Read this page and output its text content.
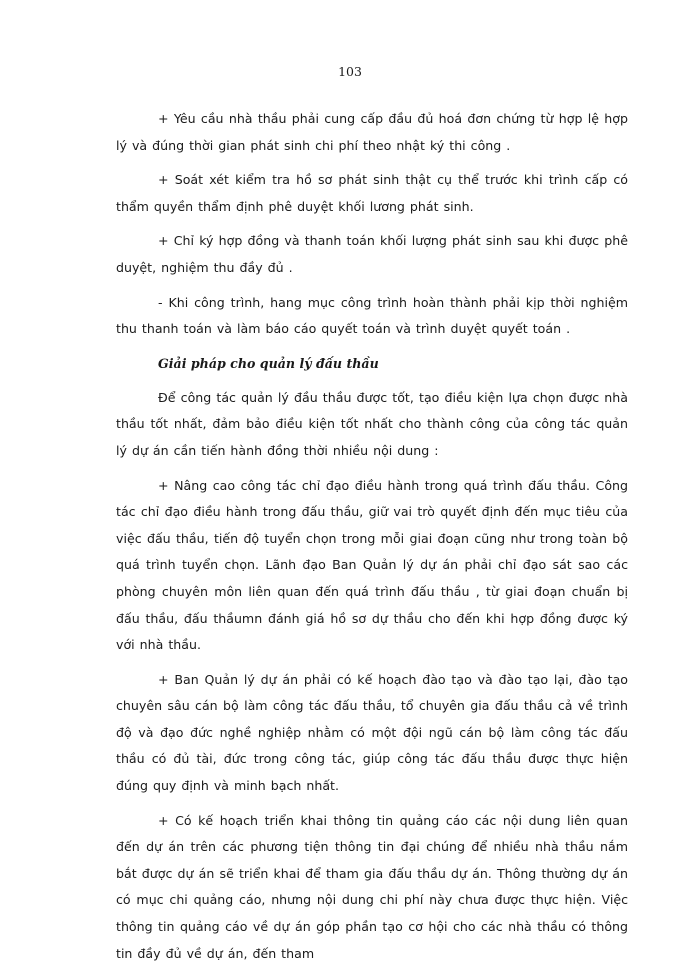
103

+ Yêu cầu nhà thầu phải cung cấp đầu đủ hoá đơn chứng từ hợp lệ hợp lý và đúng thời gian phát sinh chi phí theo nhật ký thi công .

+ Soát xét kiểm tra hồ sơ phát sinh thật cụ thể trước khi trình cấp có thẩm quyền thẩm định phê duyệt khối lương phát sinh.

+ Chỉ ký hợp đồng và thanh toán khối lượng phát sinh sau khi được phê duyệt, nghiệm thu đầy đủ .

- Khi công trình, hang mục công trình hoàn thành phải kịp thời nghiệm thu thanh toán và làm báo cáo quyết toán và trình duyệt quyết toán .

Giải pháp cho quản lý đấu thầu

Để công tác quản lý đầu thầu được tốt, tạo điều kiện lựa chọn được nhà thầu tốt nhất, đảm bảo điều kiện tốt nhất cho thành công của công tác quản lý dự án cần tiến hành đồng thời nhiều nội dung :

+ Nâng cao công tác chỉ đạo điều hành trong quá trình đấu thầu. Công tác chỉ đạo điều hành trong đấu thầu, giữ vai trò quyết định đến mục tiêu của việc đấu thầu, tiến độ tuyển chọn trong mỗi giai đoạn cũng như trong toàn bộ quá trình tuyển chọn. Lãnh đạo Ban Quản lý dự án phải chỉ đạo sát sao các phòng chuyên môn liên quan đến quá trình đấu thầu , từ giai đoạn chuẩn bị đấu thầu, đấu thầumn đánh giá hồ sơ dự thầu cho đến khi hợp đồng được ký với nhà thầu.

+ Ban Quản lý dự án phải có kế hoạch đào tạo và đào tạo lại, đào tạo chuyên sâu cán bộ làm công tác đấu thầu, tổ chuyên gia đấu thầu cả về trình độ và đạo đức nghề nghiệp nhằm có một đội ngũ cán bộ làm công tác đấu thầu có đủ tài, đức trong công tác, giúp công tác đấu thầu được thực hiện đúng quy định và minh bạch nhất.

+ Có kế hoạch triển khai thông tin quảng cáo các nội dung liên quan đến dự án trên các phương tiện thông tin đại chúng để nhiều nhà thầu nắm bắt được dự án sẽ triển khai để tham gia đấu thầu dự án. Thông thường dự án có mục chi quảng cáo, nhưng nội dung chi phí này chưa được thực hiện. Việc thông tin quảng cáo về dự án góp phần tạo cơ hội cho các nhà thầu có thông tin đầy đủ về dự án, đến tham
